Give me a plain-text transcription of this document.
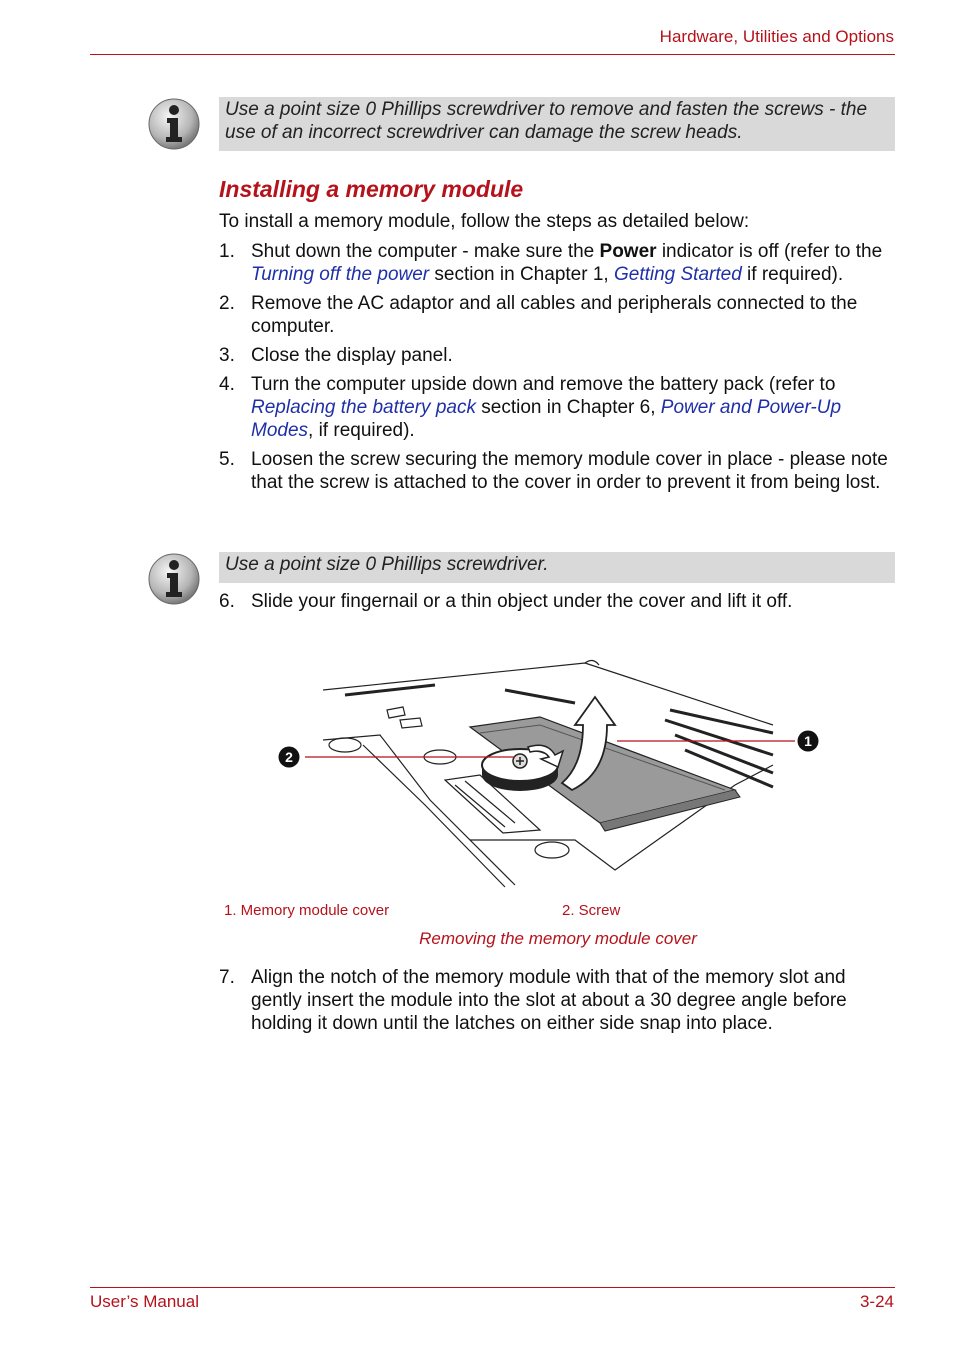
Hardware, Utilities and Options
Use a point size 0 Phillips screwdriver to remove and fasten the screws - the use of an incorrect screwdriver can damage the screw heads.
Installing a memory module
To install a memory module, follow the steps as detailed below:
1. Shut down the computer - make sure the Power indicator is off (refer to the Turning off the power section in Chapter 1, Getting Started if required).
2. Remove the AC adaptor and all cables and peripherals connected to the computer.
3. Close the display panel.
4. Turn the computer upside down and remove the battery pack (refer to Replacing the battery pack section in Chapter 6, Power and Power-Up Modes, if required).
5. Loosen the screw securing the memory module cover in place - please note that the screw is attached to the cover in order to prevent it from being lost.
Use a point size 0 Phillips screwdriver.
6. Slide your fingernail or a thin object under the cover and lift it off.
2
1
1. Memory module cover	2. Screw
Removing the memory module cover
7. Align the notch of the memory module with that of the memory slot and gently insert the module into the slot at about a 30 degree angle before holding it down until the latches on either side snap into place.
User’s Manual	3-24
